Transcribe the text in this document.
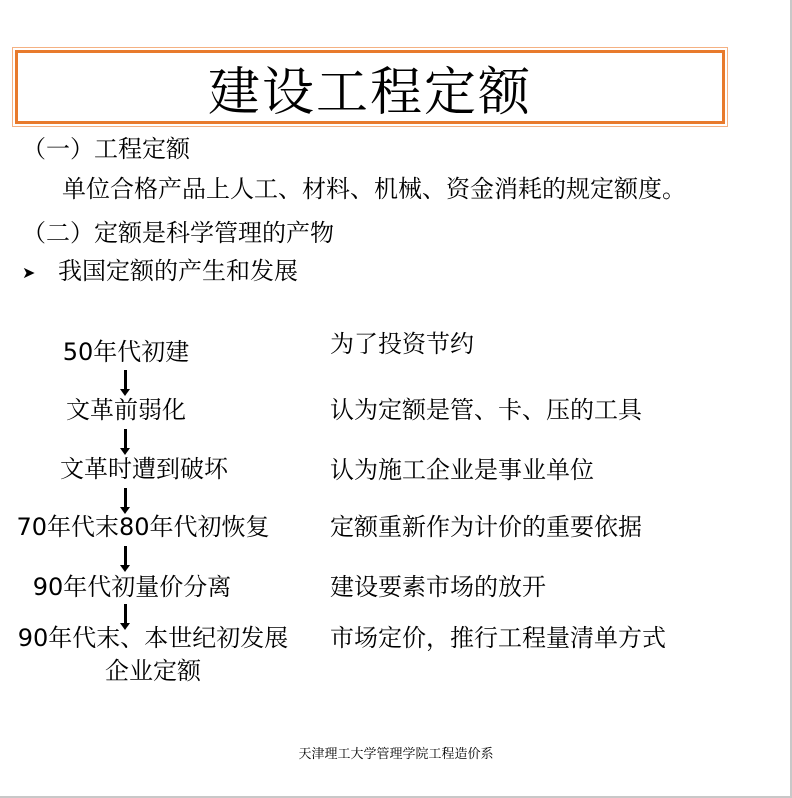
建设工程定额
（一）工程定额
单位合格产品上人工、材料、机械、资金消耗的规定额度。
（二）定额是科学管理的产物
➤ 我国定额的产生和发展
50年代初建
文革前弱化
文革时遭到破坏
70年代末80年代初恢复
90年代初量价分离
90年代末、本世纪初发展
企业定额
为了投资节约
认为定额是管、卡、压的工具
认为施工企业是事业单位
定额重新作为计价的重要依据
建设要素市场的放开
市场定价，推行工程量清单方式
天津理工大学管理学院工程造价系
